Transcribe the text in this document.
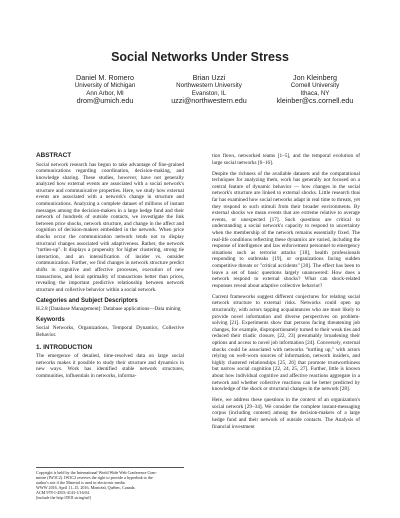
Social Networks Under Stress
Daniel M. Romero
University of Michigan
Ann Arbor, MI
drom@umich.edu
Brian Uzzi
Northwestern University
Evanston, IL
uzzi@northwestern.edu
Jon Kleinberg
Cornell University
Ithaca, NY
kleinber@cs.cornell.edu
ABSTRACT

Social network research has begun to take advantage of fine-grained communications regarding coordination, decision-making, and knowledge sharing. These studies, however, have not generally analyzed how external events are associated with a social network's structure and communicative properties. Here, we study how external events are associated with a network's change in structure and communications. Analyzing a complete dataset of millions of instant messages among the decision-makers in a large hedge fund and their network of hundreds of outside contacts, we investigate the link between price shocks, network structure, and change in the affect and cognition of decision-makers embedded in the network. When price shocks occur the communication network tends not to display structural changes associated with adaptiveness. Rather, the network "turtles-up". It displays a propensity for higher clustering, strong tie interaction, and an intensification of insider vs. outsider communication. Further, we find changes in network structure predict shifts in cognitive and affective processes, execution of new transactions, and local optimality of transactions better than prices, revealing the important predictive relationship between network structure and collective behavior within a social network.

Categories and Subject Descriptors

H.2.8 [Database Management]: Database applications—Data mining

Keywords

Social Networks, Organizations, Temporal Dynamics, Collective Behavior.

1. INTRODUCTION

The emergence of detailed, time-resolved data on large social networks makes it possible to study their structure and dynamics in new ways. Work has identified stable network structures, communities, influentials in networks, informa-

Copyright is held by the International World Wide Web Conference Com-
mittee (IW3C2). IW3C2 reserves the right to provide a hyperlink to the
author's site if the Material is used in electronic media.
WWW 2016, April 11–15, 2016, Montréal, Québec, Canada.
ACM 978-1-4503-4143-1/16/04.
[include the http://DOI string/url]

tion flows, networked teams [1–5], and the temporal evolution of large social networks [6–16].

Despite the richness of the available datasets and the computational techniques for analyzing them, work has generally not focused on a central feature of dynamic behavior — how changes in the social network's structure are linked to external shocks. Little research thus far has examined how social networks adapt in real time to threats, yet they respond to such stimuli from their broader environments. By external shocks we mean events that are extreme relative to average events, or unexpected [17]. Such questions are critical to understanding a social network's capacity to respond to uncertainty when the membership of the network remains essentially fixed. The real-life conditions reflecting these dynamics are varied, including the response of intelligence and law enforcement personnel to emergency situations such as terrorist attacks [18], health professionals responding to outbreaks [19], or organizations facing sudden competitive threats or "critical accidents" [20]. The effect has been to leave a set of basic questions largely unanswered: How does a network respond to external shocks? What can shock-related responses reveal about adaptive collective behavior?

Current frameworks suggest different conjectures for relating social network structure to external risks. Networks could open up structurally, with actors tapping acquaintances who are most likely to provide novel information and diverse perspectives on problem-solving [21]. Experiments show that persons facing threatening job changes, for example, disproportionately turned to their weak ties and reduced their triadic closure, [22, 23] presumably broadening their options and access to novel job information [24]. Conversely, external shocks could be associated with networks "turtling up," with actors relying on well-worn sources of information, network insiders, and highly clustered relationships [25, 26] that promote trustworthiness but narrow social cognition [22, 24, 25, 27]. Further, little is known about how individual cognitive and affective reactions aggregate in a network and whether collective reactions can be better predicted by knowledge of the shock or structural changes in the network [28].

Here, we address these questions in the context of an organization's social network [29–34]. We consider the complete instant-messaging corpus (including content) among the decision-makers of a large hedge fund and their network of outside contacts. The Analysis of financial investment
